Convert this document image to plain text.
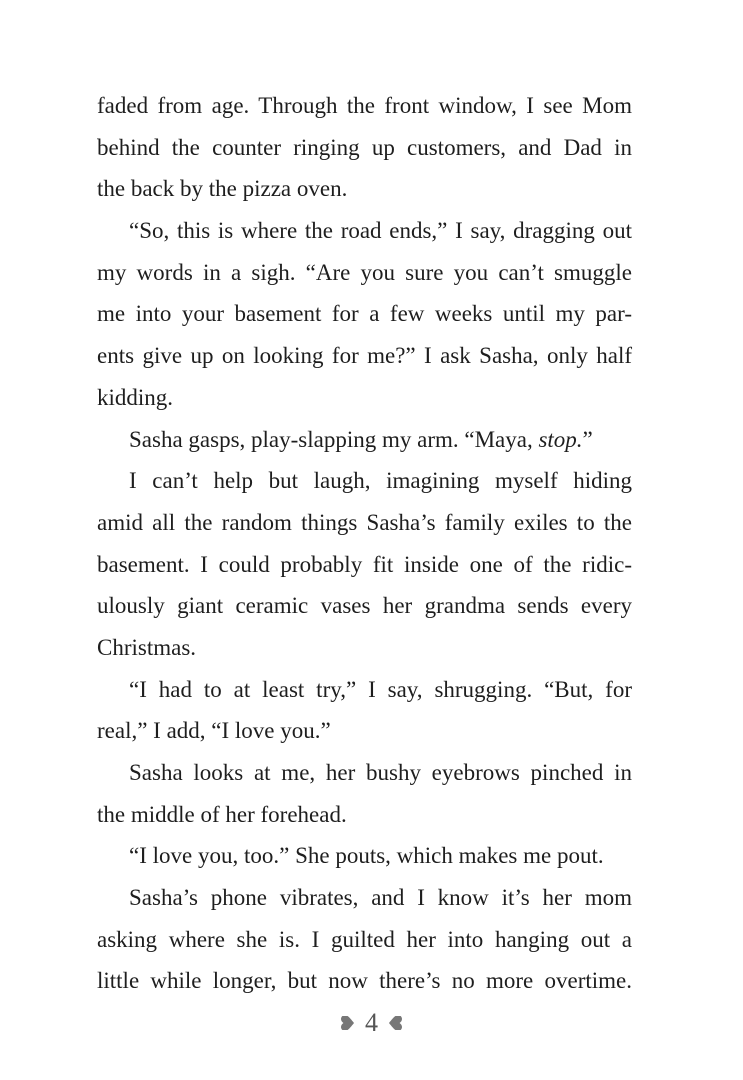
faded from age. Through the front window, I see Mom
behind the counter ringing up customers, and Dad in
the back by the pizza oven.
“So, this is where the road ends,” I say, dragging out
my words in a sigh. “Are you sure you can’t smuggle
me into your basement for a few weeks until my par-
ents give up on looking for me?” I ask Sasha, only half
kidding.
Sasha gasps, play-slapping my arm. “Maya, stop.”
I can’t help but laugh, imagining myself hiding
amid all the random things Sasha’s family exiles to the
basement. I could probably fit inside one of the ridic-
ulously giant ceramic vases her grandma sends every
Christmas.
“I had to at least try,” I say, shrugging. “But, for
real,” I add, “I love you.”
Sasha looks at me, her bushy eyebrows pinched in
the middle of her forehead.
“I love you, too.” She pouts, which makes me pout.
Sasha’s phone vibrates, and I know it’s her mom
asking where she is. I guilted her into hanging out a
little while longer, but now there’s no more overtime.
4
